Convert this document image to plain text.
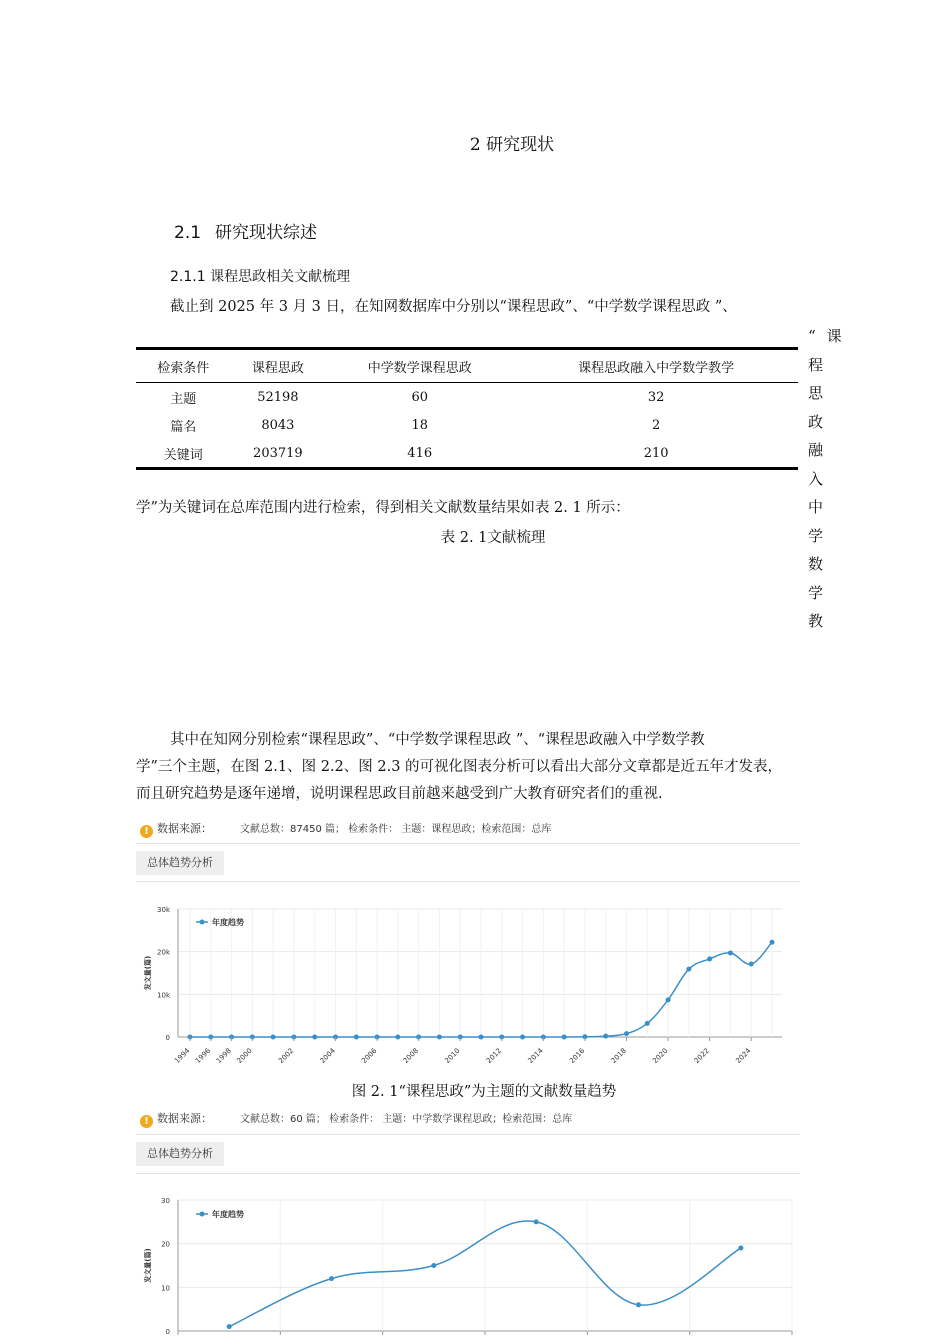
2 研究现状
2.1 研究现状综述
2.1.1 课程思政相关文献梳理
截止到 2025 年 3 月 3 日，在知网数据库中分别以“课程思政”、“中学数学课程思政 ”、
“课程思政融入中学数学教
检索条件	课程思政	中学数学课程思政	课程思政融入中学数学教学
主题	52198	60	32
篇名	8043	18	2
关键词	203719	416	210
学”为关键词在总库范围内进行检索，得到相关文献数量结果如表 2. 1 所示：
表 2. 1文献梳理
其中在知网分别检索“课程思政”、“中学数学课程思政 ”、“课程思政融入中学数学教
学”三个主题，在图 2.1、图 2.2、图 2.3 的可视化图表分析可以看出大部分文章都是近五年才发表，
而且研究趋势是逐年递增，说明课程思政目前越来越受到广大教育研究者们的重视.
! 数据来源：	文献总数：87450 篇； 检索条件： 主题：课程思政；检索范围：总库
总体趋势分析
0
10k
20k
30k
发文量(篇)
年度趋势
1994 1996 1998 2000	2002	2004	2006	2008	2010	2012	2014	2016	2018	2020	2022	2024
图 2. 1“课程思政”为主题的文献数量趋势
! 数据来源：	文献总数：60 篇； 检索条件： 主题：中学数学课程思政；检索范围：总库
总体趋势分析
0
10
20
30
发文量(篇)
年度趋势
